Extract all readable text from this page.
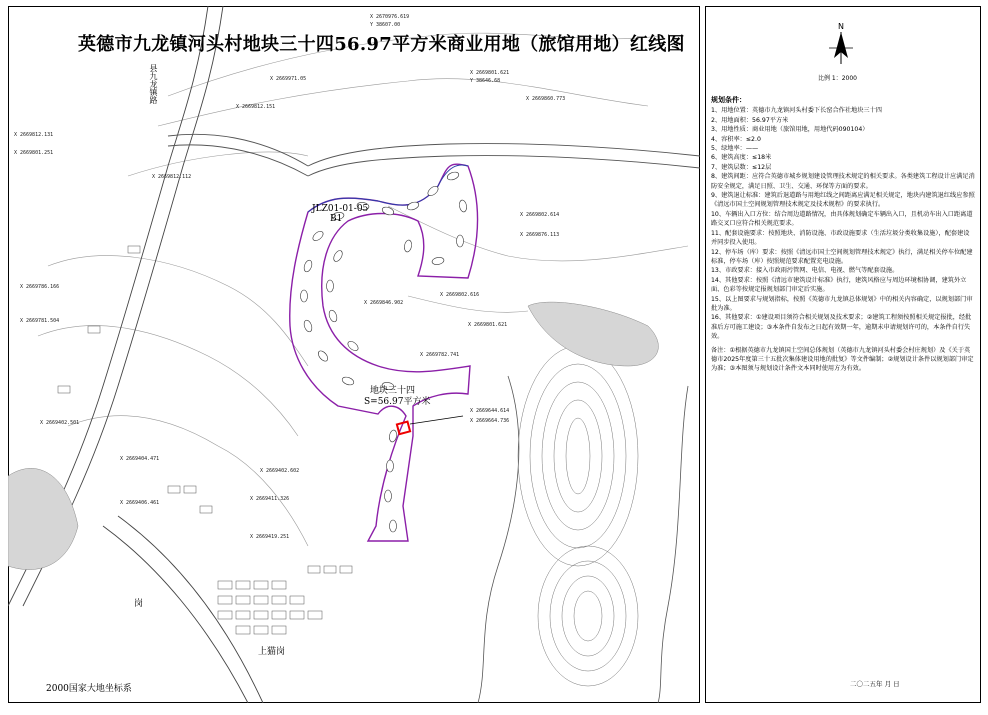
英德市九龙镇河头村地块三十四56.97平方米商业用地（旅馆用地）红线图
JLZ01-01-05
B1
地块三十四
S=56.97平方米
县九龙镇路
上猫岗
岗
X 2670976.619
Y 38607.00
X 2669801.621
Y 38646.68
X 2669860.773
X 2669971.05
X 2669812.151
X 2669812.131
X 2669801.251
X 2669812.112
X 2669802.614
X 2669876.113
X 2669802.616
X 2669801.621
X 2669846.902
X 2669786.166
X 2669781.504
X 2669782.741
X 2669644.614
X 2669664.736
X 2669402.501
X 2669402.602
X 2669411.326
X 2669419.251
X 2669404.471
X 2669406.461
2000国家大地坐标系
N
比例 1：2000
规划条件：

1、用地位置：英德市九龙镇河头村委下长窑合作社地块三十四

2、用地面积：56.97平方米

3、用地性质：商业用地（旅馆用地，用地代码090104）

4、容积率：≤2.0

5、绿地率：——

6、建筑高度：≤18米

7、建筑层数：≤12层

8、建筑间距：应符合英德市城乡规划建设管理技术规定的相关要求。各类建筑工程设计应满足消防安全规定，满足日照、卫生、交通、环保等方面的要求。

9、建筑退让标准：建筑后退道路与用地红线之间距离应满足相关规定，地块内建筑退红线应参照《清远市国土空间规划管理技术规定及技术规程》的要求执行。

10、车辆出入口方位：结合周边道路情况，由具体规划确定车辆出入口，且机动车出入口距离道路交叉口应符合相关规范要求。

11、配套设施要求：按照地块、消防设施、市政设施要求（生活垃圾分类收集设施），配套建设并同步投入使用。

12、停车场（库）要求：按照《清远市国土空间规划管理技术规定》执行，满足相关停车位配建标准，停车场（库）按照规范要求配置充电设施。

13、市政要求：接入市政雨污管网、电信、电视、燃气等配套设施。

14、其他要求：按照《清远市建筑设计标准》执行，建筑风格应与周边环境相协调，建筑外立面、色彩等按规定报规划部门审定后实施。

15、以上图要求与规划指标，按照《英德市九龙镇总体规划》中的相关内容确定，以规划部门审批为准。

16、其他要求：①建设项目须符合相关规划及技术要求；②建筑工程须按照相关规定报批，经批准后方可施工建设；③本条件自发布之日起有效期一年，逾期未申请规划许可的，本条件自行失效。

备注：①根据英德市九龙镇国土空间总体规划（英德市九龙镇河头村委会村庄规划）及《关于英德市2025年度第三十五批次集体建设用地的批复》等文件编制；②规划设计条件以规划部门审定为准；③本图须与规划设计条件文本同时使用方为有效。

二〇二五年 月 日
